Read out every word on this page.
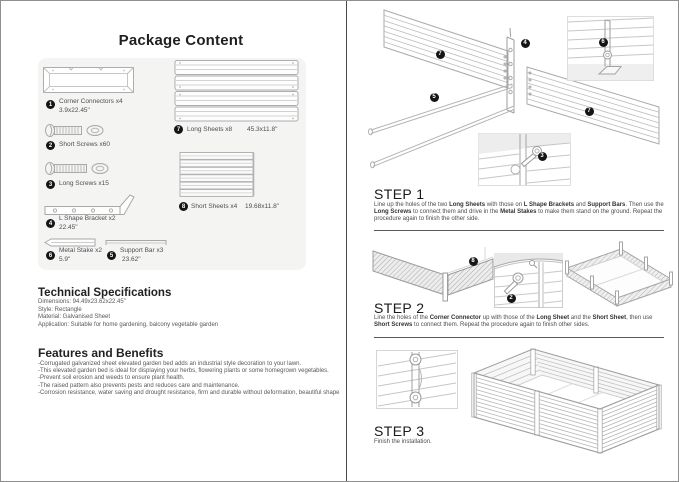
Package Content
1	Corner Connectors x4
3.9x22.45"
2	Short Screws x60
3	Long Screws x15
4
L Shape Bracket x2
22.45"
6
Metal Stake x2
5.9"
5
Support Bar x3
23.62"
7	Long Sheets x8 45.3x11.8"
8 Short Sheets x4 19.68x11.8"
Technical Specifications
Dimensions: 94.49x23.62x22.45"
Style: Rectangle
Material: Galvanised Sheet
Application: Suitable for home gardening, balcony vegetable garden
Features and Benefits
-Corrugated galvanized sheet elevated garden bed adds an industrial style decoration to your lawn.
-This elevated garden bed is ideal for displaying your herbs, flowering plants or some homegrown vegetables.
-Prevent soil erosion and weeds to ensure plant health.
-The raised pattern also prevents pests and reduces care and maintenance.
-Corrosion resistance, water saving and drought resistance, firm and durable without deformation, beautiful shape
7
4	6
5
7
3
STEP 1

Line up the holes of the two Long Sheets with those on L Shape Brackets and Support Bars. Then use the Long Screws to connect them and drive in the Metal Stakes to make them stand on the ground. Repeat the procedure again to finish the other side.

8
2
STEP 2

Line the holes of the Corner Connector up with those of the Long Sheet and the Short Sheet, then use Short Screws to connect them. Repeat the procedure again to finish other sides.

STEP 3

Finish the installation.
